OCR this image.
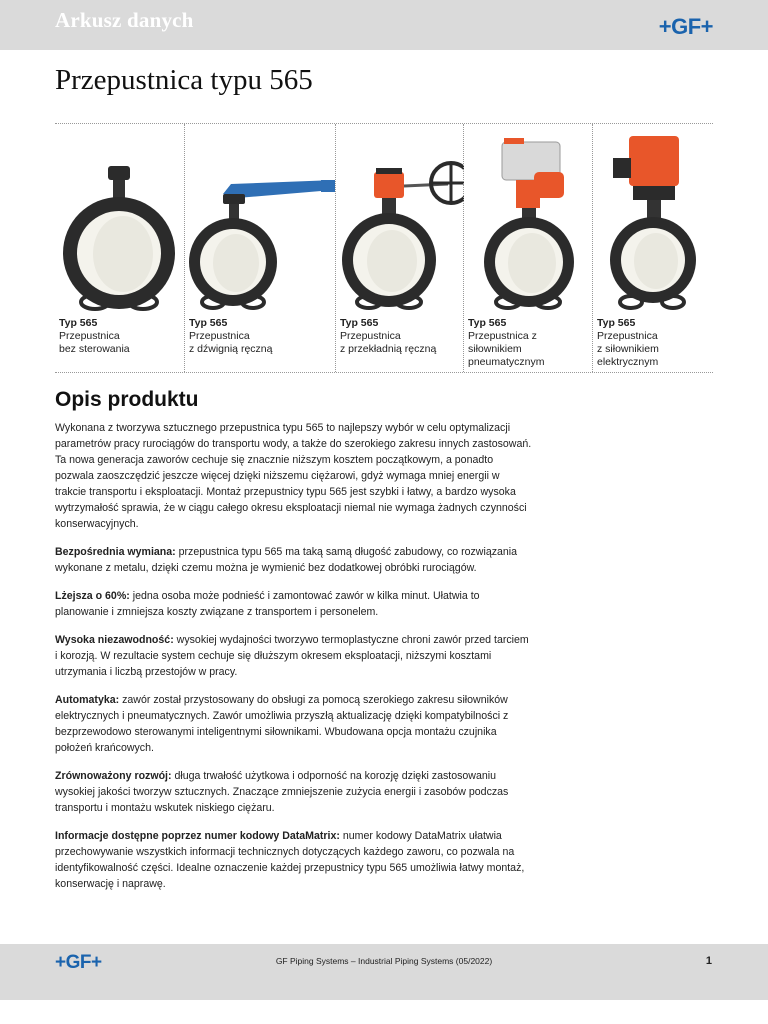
Arkusz danych	+GF+
Przepustnica typu 565
Typ 565
Przepustnica
bez sterowania
Typ 565
Przepustnica
z dźwignią ręczną
Typ 565
Przepustnica
z przekładnią ręczną
Typ 565
Przepustnica z
siłownikiem
pneumatycznym
Typ 565
Przepustnica
z siłownikiem
elektrycznym
Opis produktu

Wykonana z tworzywa sztucznego przepustnica typu 565 to najlepszy wybór w celu optymalizacji parametrów pracy rurociągów do transportu wody, a także do szerokiego zakresu innych zastosowań. Ta nowa generacja zaworów cechuje się znacznie niższym kosztem początkowym, a ponadto pozwala zaoszczędzić jeszcze więcej dzięki niższemu ciężarowi, gdyż wymaga mniej energii w trakcie transportu i eksploatacji. Montaż przepustnicy typu 565 jest szybki i łatwy, a bardzo wysoka wytrzymałość sprawia, że w ciągu całego okresu eksploatacji niemal nie wymaga żadnych czynności konserwacyjnych.

Bezpośrednia wymiana: przepustnica typu 565 ma taką samą długość zabudowy, co rozwiązania wykonane z metalu, dzięki czemu można je wymienić bez dodatkowej obróbki rurociągów.

Lżejsza o 60%: jedna osoba może podnieść i zamontować zawór w kilka minut. Ułatwia to planowanie i zmniejsza koszty związane z transportem i personelem.

Wysoka niezawodność: wysokiej wydajności tworzywo termoplastyczne chroni zawór przed tarciem i korozją. W rezultacie system cechuje się dłuższym okresem eksploatacji, niższymi kosztami utrzymania i liczbą przestojów w pracy.

Automatyka: zawór został przystosowany do obsługi za pomocą szerokiego zakresu siłowników elektrycznych i pneumatycznych. Zawór umożliwia przyszłą aktualizację dzięki kompatybilności z bezprzewodowo sterowanymi inteligentnymi siłownikami. Wbudowana opcja montażu czujnika położeń krańcowych.

Zrównoważony rozwój: długa trwałość użytkowa i odporność na korozję dzięki zastosowaniu wysokiej jakości tworzyw sztucznych. Znaczące zmniejszenie zużycia energii i zasobów podczas transportu i montażu wskutek niskiego ciężaru.

Informacje dostępne poprzez numer kodowy DataMatrix: numer kodowy DataMatrix ułatwia przechowywanie wszystkich informacji technicznych dotyczących każdego zaworu, co pozwala na identyfikowalność części. Idealne oznaczenie każdej przepustnicy typu 565 umożliwia łatwy montaż, konserwację i naprawę.

+GF+	GF Piping Systems – Industrial Piping Systems (05/2022)	1
